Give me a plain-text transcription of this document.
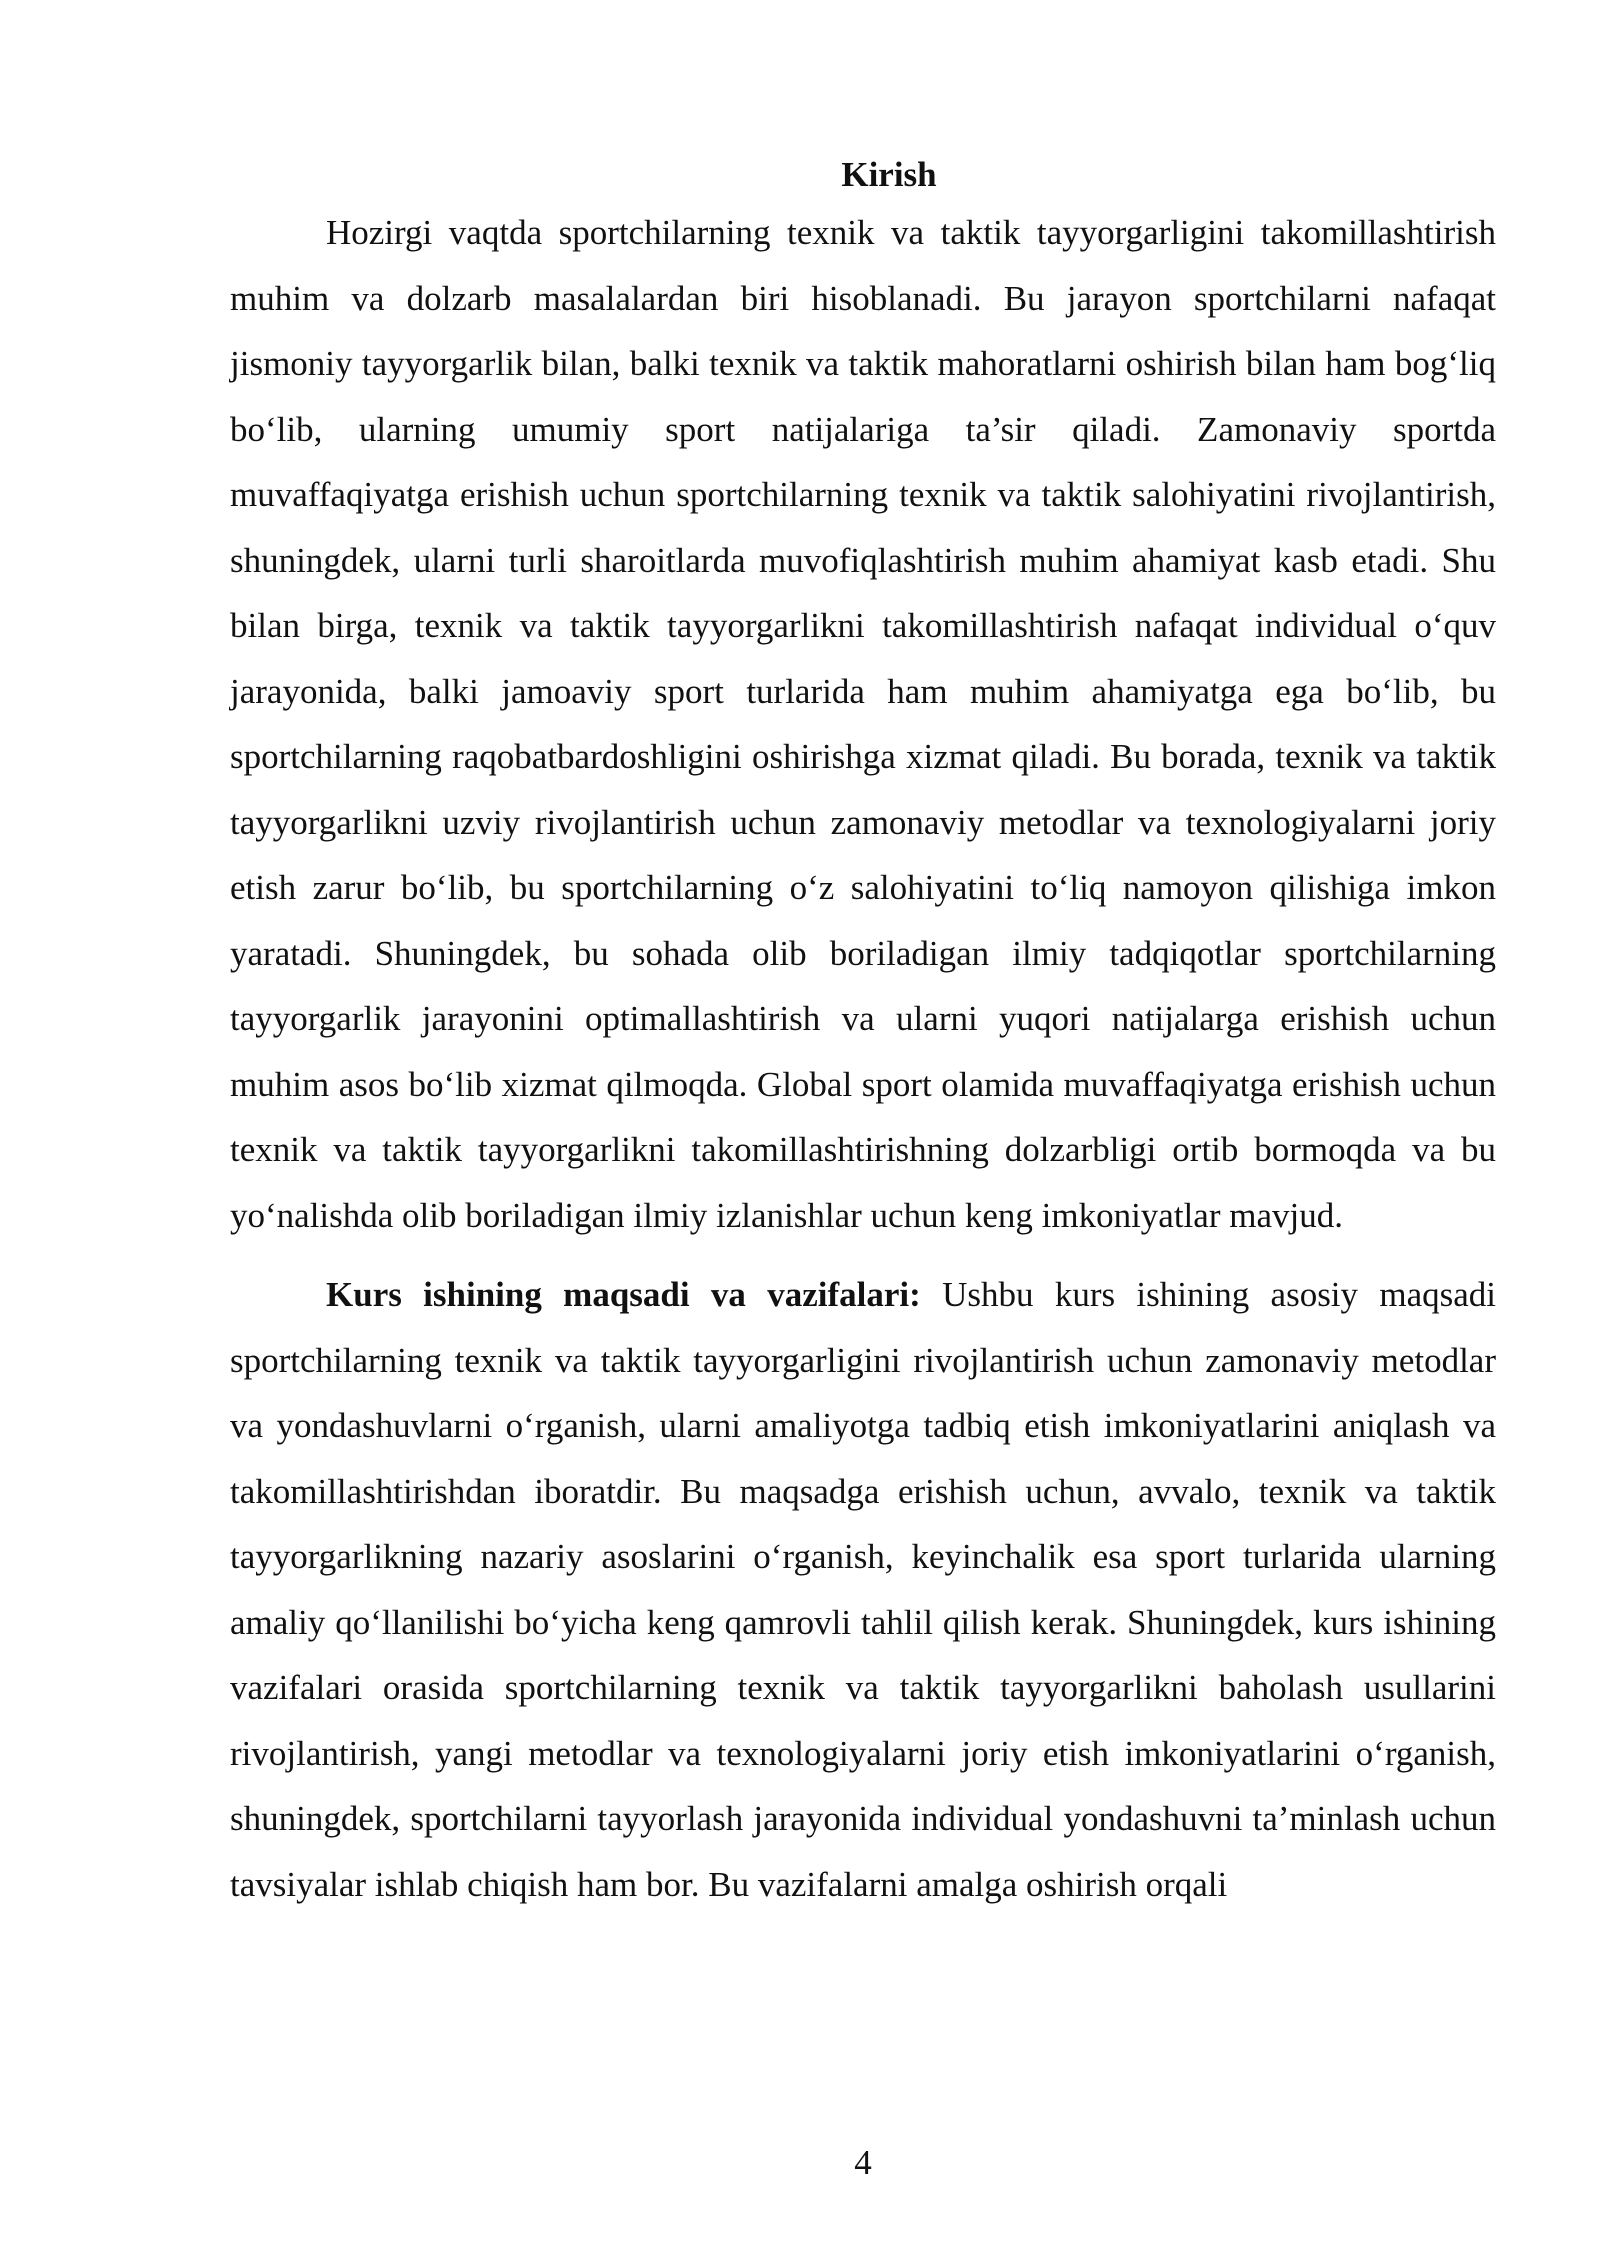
Kirish

Hozirgi vaqtda sportchilarning texnik va taktik tayyorgarligini takomillashtirish muhim va dolzarb masalalardan biri hisoblanadi. Bu jarayon sportchilarni nafaqat jismoniy tayyorgarlik bilan, balki texnik va taktik mahoratlarni oshirish bilan ham bog‘liq bo‘lib, ularning umumiy sport natijalariga ta’sir qiladi. Zamonaviy sportda muvaffaqiyatga erishish uchun sportchilarning texnik va taktik salohiyatini rivojlantirish, shuningdek, ularni turli sharoitlarda muvofiqlashtirish muhim ahamiyat kasb etadi. Shu bilan birga, texnik va taktik tayyorgarlikni takomillashtirish nafaqat individual o‘quv jarayonida, balki jamoaviy sport turlarida ham muhim ahamiyatga ega bo‘lib, bu sportchilarning raqobatbardoshligini oshirishga xizmat qiladi. Bu borada, texnik va taktik tayyorgarlikni uzviy rivojlantirish uchun zamonaviy metodlar va texnologiyalarni joriy etish zarur bo‘lib, bu sportchilarning o‘z salohiyatini to‘liq namoyon qilishiga imkon yaratadi. Shuningdek, bu sohada olib boriladigan ilmiy tadqiqotlar sportchilarning tayyorgarlik jarayonini optimallashtirish va ularni yuqori natijalarga erishish uchun muhim asos bo‘lib xizmat qilmoqda. Global sport olamida muvaffaqiyatga erishish uchun texnik va taktik tayyorgarlikni takomillashtirishning dolzarbligi ortib bormoqda va bu yo‘nalishda olib boriladigan ilmiy izlanishlar uchun keng imkoniyatlar mavjud.

Kurs ishining maqsadi va vazifalari: Ushbu kurs ishining asosiy maqsadi sportchilarning texnik va taktik tayyorgarligini rivojlantirish uchun zamonaviy metodlar va yondashuvlarni o‘rganish, ularni amaliyotga tadbiq etish imkoniyatlarini aniqlash va takomillashtirishdan iboratdir. Bu maqsadga erishish uchun, avvalo, texnik va taktik tayyorgarlikning nazariy asoslarini o‘rganish, keyinchalik esa sport turlarida ularning amaliy qo‘llanilishi bo‘yicha keng qamrovli tahlil qilish kerak. Shuningdek, kurs ishining vazifalari orasida sportchilarning texnik va taktik tayyorgarlikni baholash usullarini rivojlantirish, yangi metodlar va texnologiyalarni joriy etish imkoniyatlarini o‘rganish, shuningdek, sportchilarni tayyorlash jarayonida individual yondashuvni ta’minlash uchun tavsiyalar ishlab chiqish ham bor. Bu vazifalarni amalga oshirish orqali

4
